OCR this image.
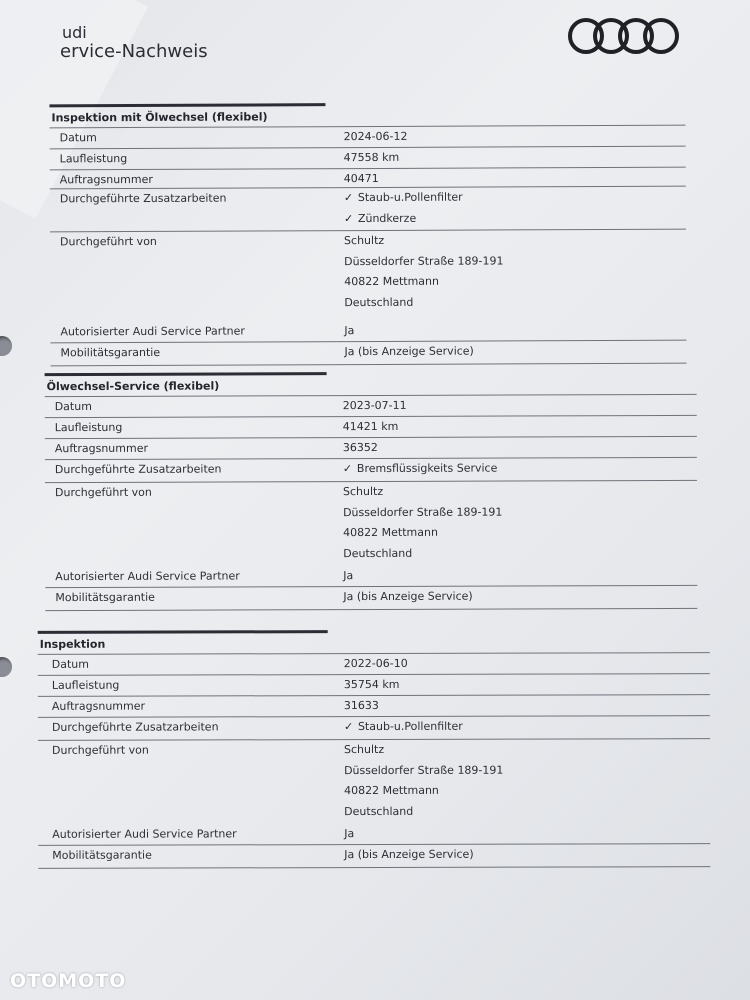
udi
ervice-Nachweis
Inspektion mit Ölwechsel (flexibel)
Datum	2024-06-12
Laufleistung	47558 km
Auftragsnummer	40471
Durchgeführte Zusatzarbeiten	✓ Staub-u.Pollenfilter
✓ Zündkerze
Durchgeführt von	Schultz
Düsseldorfer Straße 189-191
40822 Mettmann
Deutschland
Autorisierter Audi Service Partner	Ja
Mobilitätsgarantie	Ja (bis Anzeige Service)
Ölwechsel-Service (flexibel)
Datum	2023-07-11
Laufleistung	41421 km
Auftragsnummer	36352
Durchgeführte Zusatzarbeiten	✓ Bremsflüssigkeits Service
Durchgeführt von	Schultz
Düsseldorfer Straße 189-191
40822 Mettmann
Deutschland
Autorisierter Audi Service Partner	Ja
Mobilitätsgarantie	Ja (bis Anzeige Service)
Inspektion
Datum	2022-06-10
Laufleistung	35754 km
Auftragsnummer	31633
Durchgeführte Zusatzarbeiten	✓ Staub-u.Pollenfilter
Durchgeführt von	Schultz
Düsseldorfer Straße 189-191
40822 Mettmann
Deutschland
Autorisierter Audi Service Partner	Ja
Mobilitätsgarantie	Ja (bis Anzeige Service)
OTOMOTO
